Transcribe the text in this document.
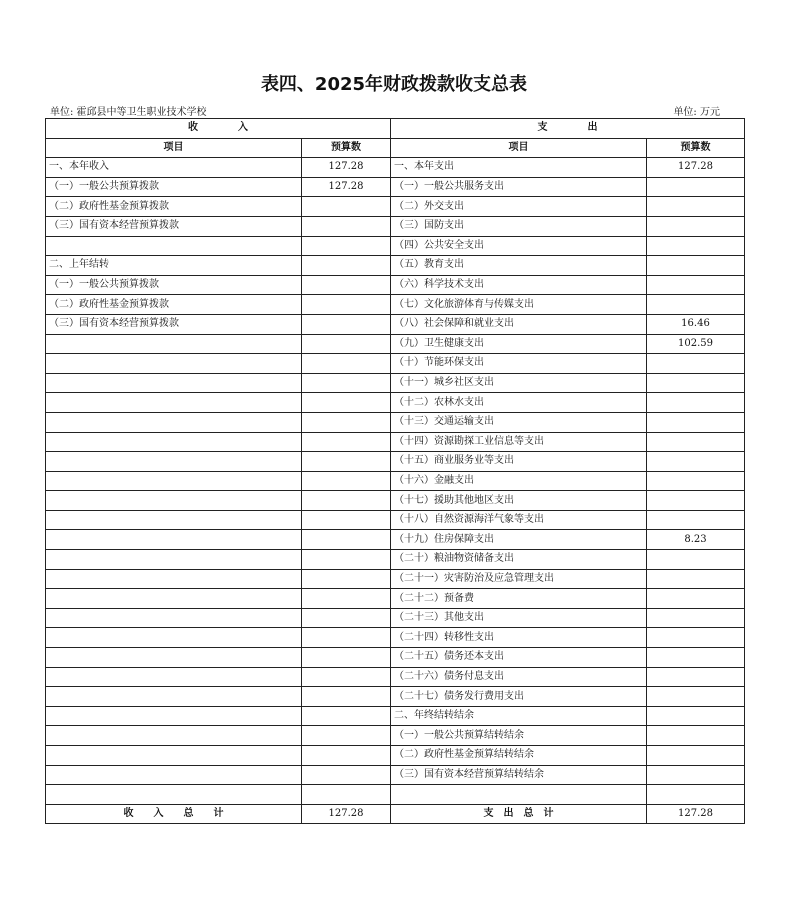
表四、2025年财政拨款收支总表
单位: 霍邱县中等卫生职业技术学校	单位: 万元
收　　　　入		支　　　　出	
项目	预算数	项目	预算数
一、本年收入	127.28	一、本年支出	127.28
（一）一般公共预算拨款	127.28	（一）一般公共服务支出	
（二）政府性基金预算拨款		（二）外交支出	
（三）国有资本经营预算拨款		（三）国防支出	
		（四）公共安全支出	
二、上年结转		（五）教育支出	
（一）一般公共预算拨款		（六）科学技术支出	
（二）政府性基金预算拨款		（七）文化旅游体育与传媒支出	
（三）国有资本经营预算拨款		（八）社会保障和就业支出	16.46
		（九）卫生健康支出	102.59
		（十）节能环保支出	
		（十一）城乡社区支出	
		（十二）农林水支出	
		（十三）交通运输支出	
		（十四）资源勘探工业信息等支出	
		（十五）商业服务业等支出	
		（十六）金融支出	
		（十七）援助其他地区支出	
		（十八）自然资源海洋气象等支出	
		（十九）住房保障支出	8.23
		（二十）粮油物资储备支出	
		（二十一）灾害防治及应急管理支出	
		（二十二）预备费	
		（二十三）其他支出	
		（二十四）转移性支出	
		（二十五）债务还本支出	
		（二十六）债务付息支出	
		（二十七）债务发行费用支出	
		二、年终结转结余	
		（一）一般公共预算结转结余	
		（二）政府性基金预算结转结余	
		（三）国有资本经营预算结转结余	

收　　入　　总　　计	127.28	支　出　总　计	127.28
